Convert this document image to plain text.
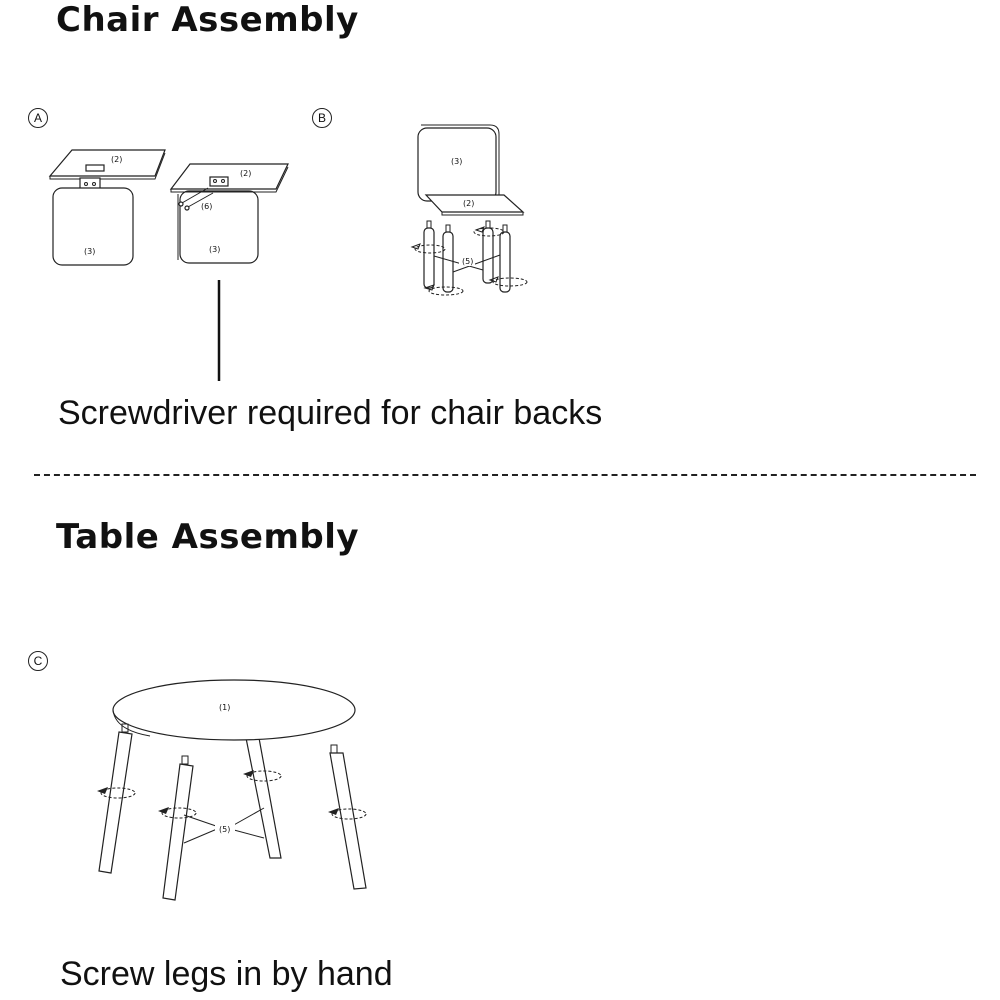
Chair Assembly
A
(2)
(3)	(3)
(2)
(6)
B
(3)
(2)
(5)

Screwdriver required for chair backs

Table Assembly
C
(1)
(5)

Screw legs in by hand
